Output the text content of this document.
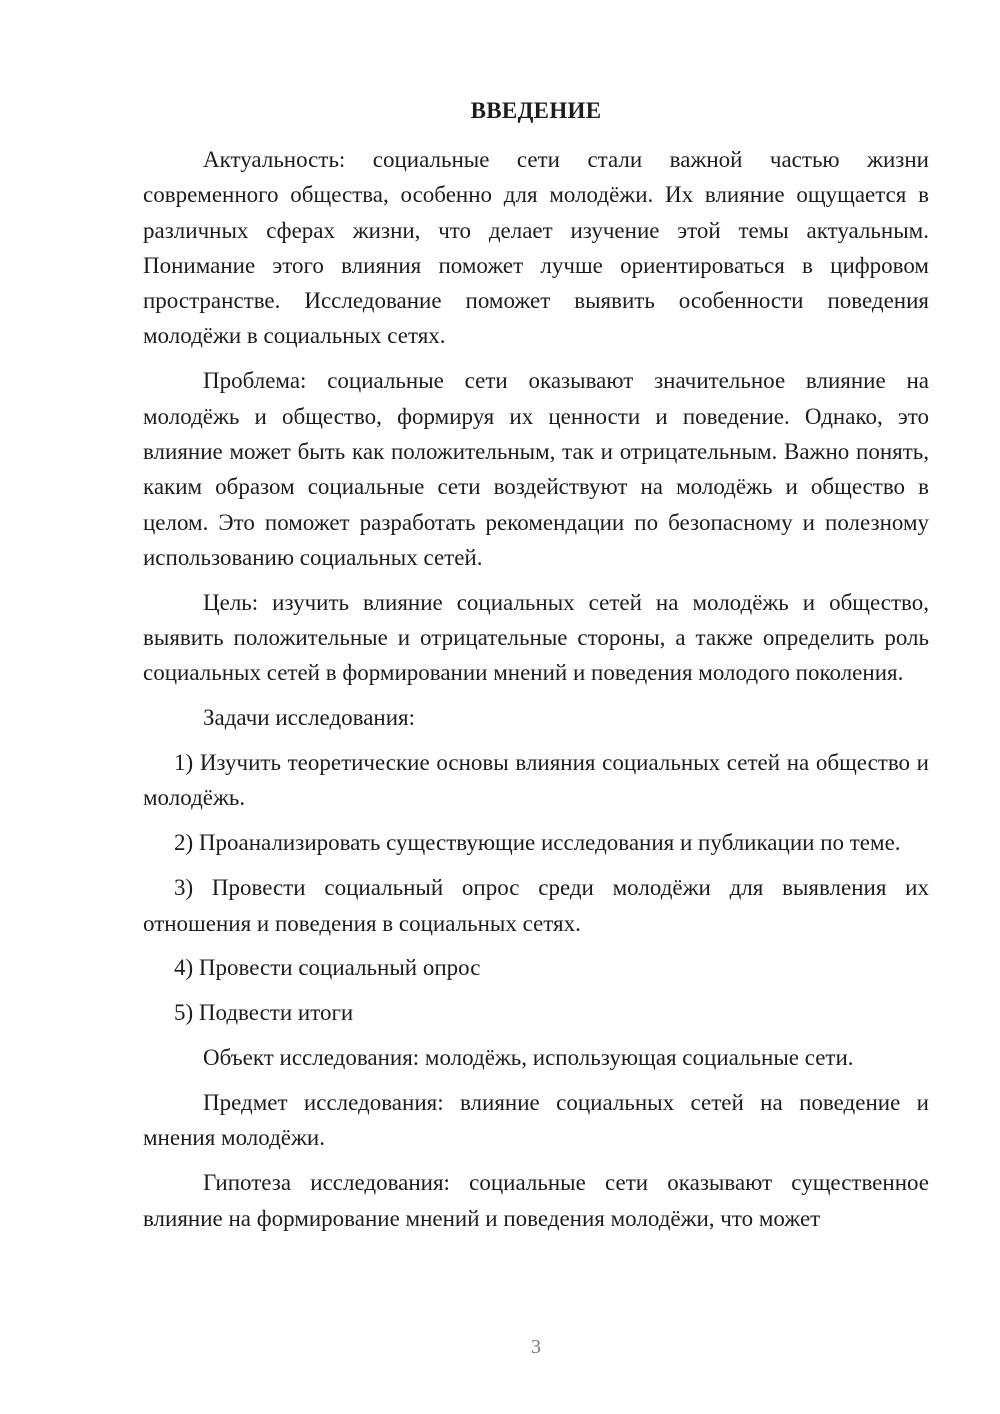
ВВЕДЕНИЕ

Актуальность: социальные сети стали важной частью жизни современного общества, особенно для молодёжи. Их влияние ощущается в различных сферах жизни, что делает изучение этой темы актуальным. Понимание этого влияния поможет лучше ориентироваться в цифровом пространстве. Исследование поможет выявить особенности поведения молодёжи в социальных сетях.

Проблема: социальные сети оказывают значительное влияние на молодёжь и общество, формируя их ценности и поведение. Однако, это влияние может быть как положительным, так и отрицательным. Важно понять, каким образом социальные сети воздействуют на молодёжь и общество в целом. Это поможет разработать рекомендации по безопасному и полезному использованию социальных сетей.

Цель: изучить влияние социальных сетей на молодёжь и общество, выявить положительные и отрицательные стороны, а также определить роль социальных сетей в формировании мнений и поведения молодого поколения.

Задачи исследования:

1) Изучить теоретические основы влияния социальных сетей на общество и молодёжь.

2) Проанализировать существующие исследования и публикации по теме.

3) Провести социальный опрос среди молодёжи для выявления их отношения и поведения в социальных сетях.

4) Провести социальный опрос

5) Подвести итоги

Объект исследования: молодёжь, использующая социальные сети.

Предмет исследования: влияние социальных сетей на поведение и мнения молодёжи.

Гипотеза исследования: социальные сети оказывают существенное влияние на формирование мнений и поведения молодёжи, что может

3
